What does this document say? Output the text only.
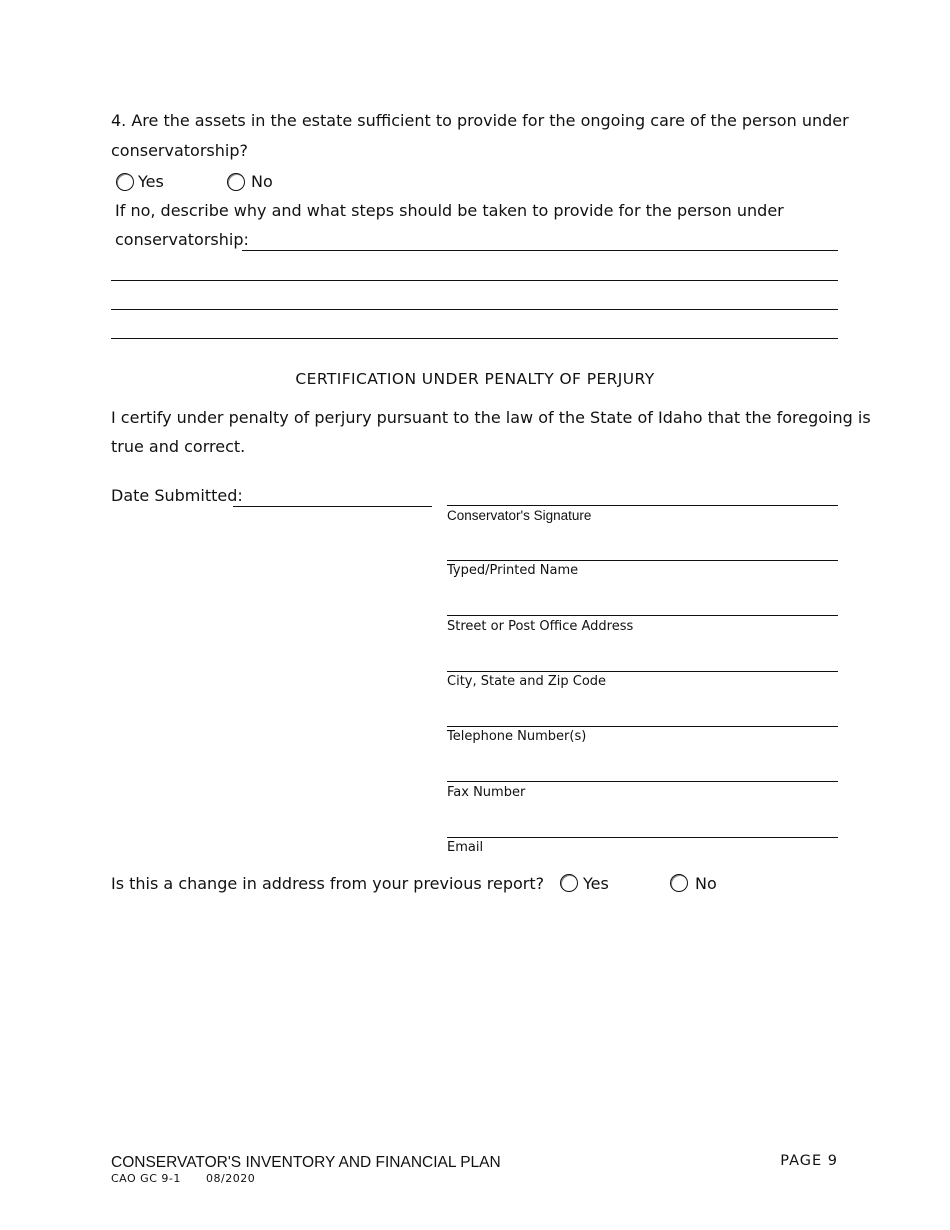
4. Are the assets in the estate sufficient to provide for the ongoing care of the person under
conservatorship?
Yes	No
If no, describe why and what steps should be taken to provide for the person under
conservatorship:
CERTIFICATION UNDER PENALTY OF PERJURY
I certify under penalty of perjury pursuant to the law of the State of Idaho that the foregoing is
true and correct.
Date Submitted:
Conservator's Signature
Typed/Printed Name
Street or Post Office Address
City, State and Zip Code
Telephone Number(s)
Fax Number
Email
Is this a change in address from your previous report? Yes	No
CONSERVATOR'S INVENTORY AND FINANCIAL PLAN	PAGE 9
CAO GC 9-1 08/2020
